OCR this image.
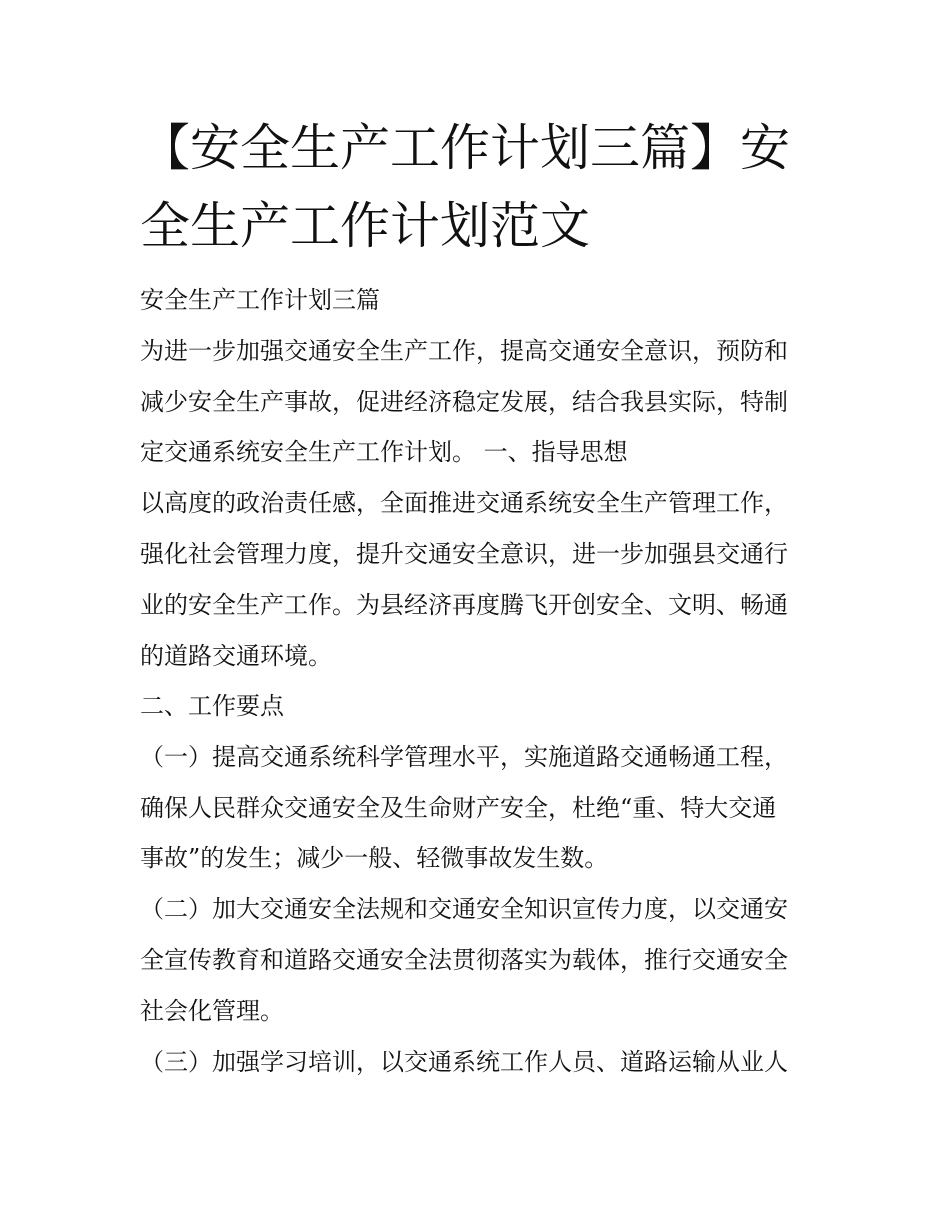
【安全生产工作计划三篇】安
全生产工作计划范文
安全生产工作计划三篇
为进一步加强交通安全生产工作，提高交通安全意识，预防和
减少安全生产事故，促进经济稳定发展，结合我县实际，特制
定交通系统安全生产工作计划。 一、指导思想
以高度的政治责任感，全面推进交通系统安全生产管理工作，
强化社会管理力度，提升交通安全意识，进一步加强县交通行
业的安全生产工作。为县经济再度腾飞开创安全、文明、畅通
的道路交通环境。
二、工作要点
（一）提高交通系统科学管理水平，实施道路交通畅通工程，
确保人民群众交通安全及生命财产安全，杜绝“重、特大交通
事故”的发生；减少一般、轻微事故发生数。
（二）加大交通安全法规和交通安全知识宣传力度，以交通安
全宣传教育和道路交通安全法贯彻落实为载体，推行交通安全
社会化管理。
（三）加强学习培训，以交通系统工作人员、道路运输从业人
